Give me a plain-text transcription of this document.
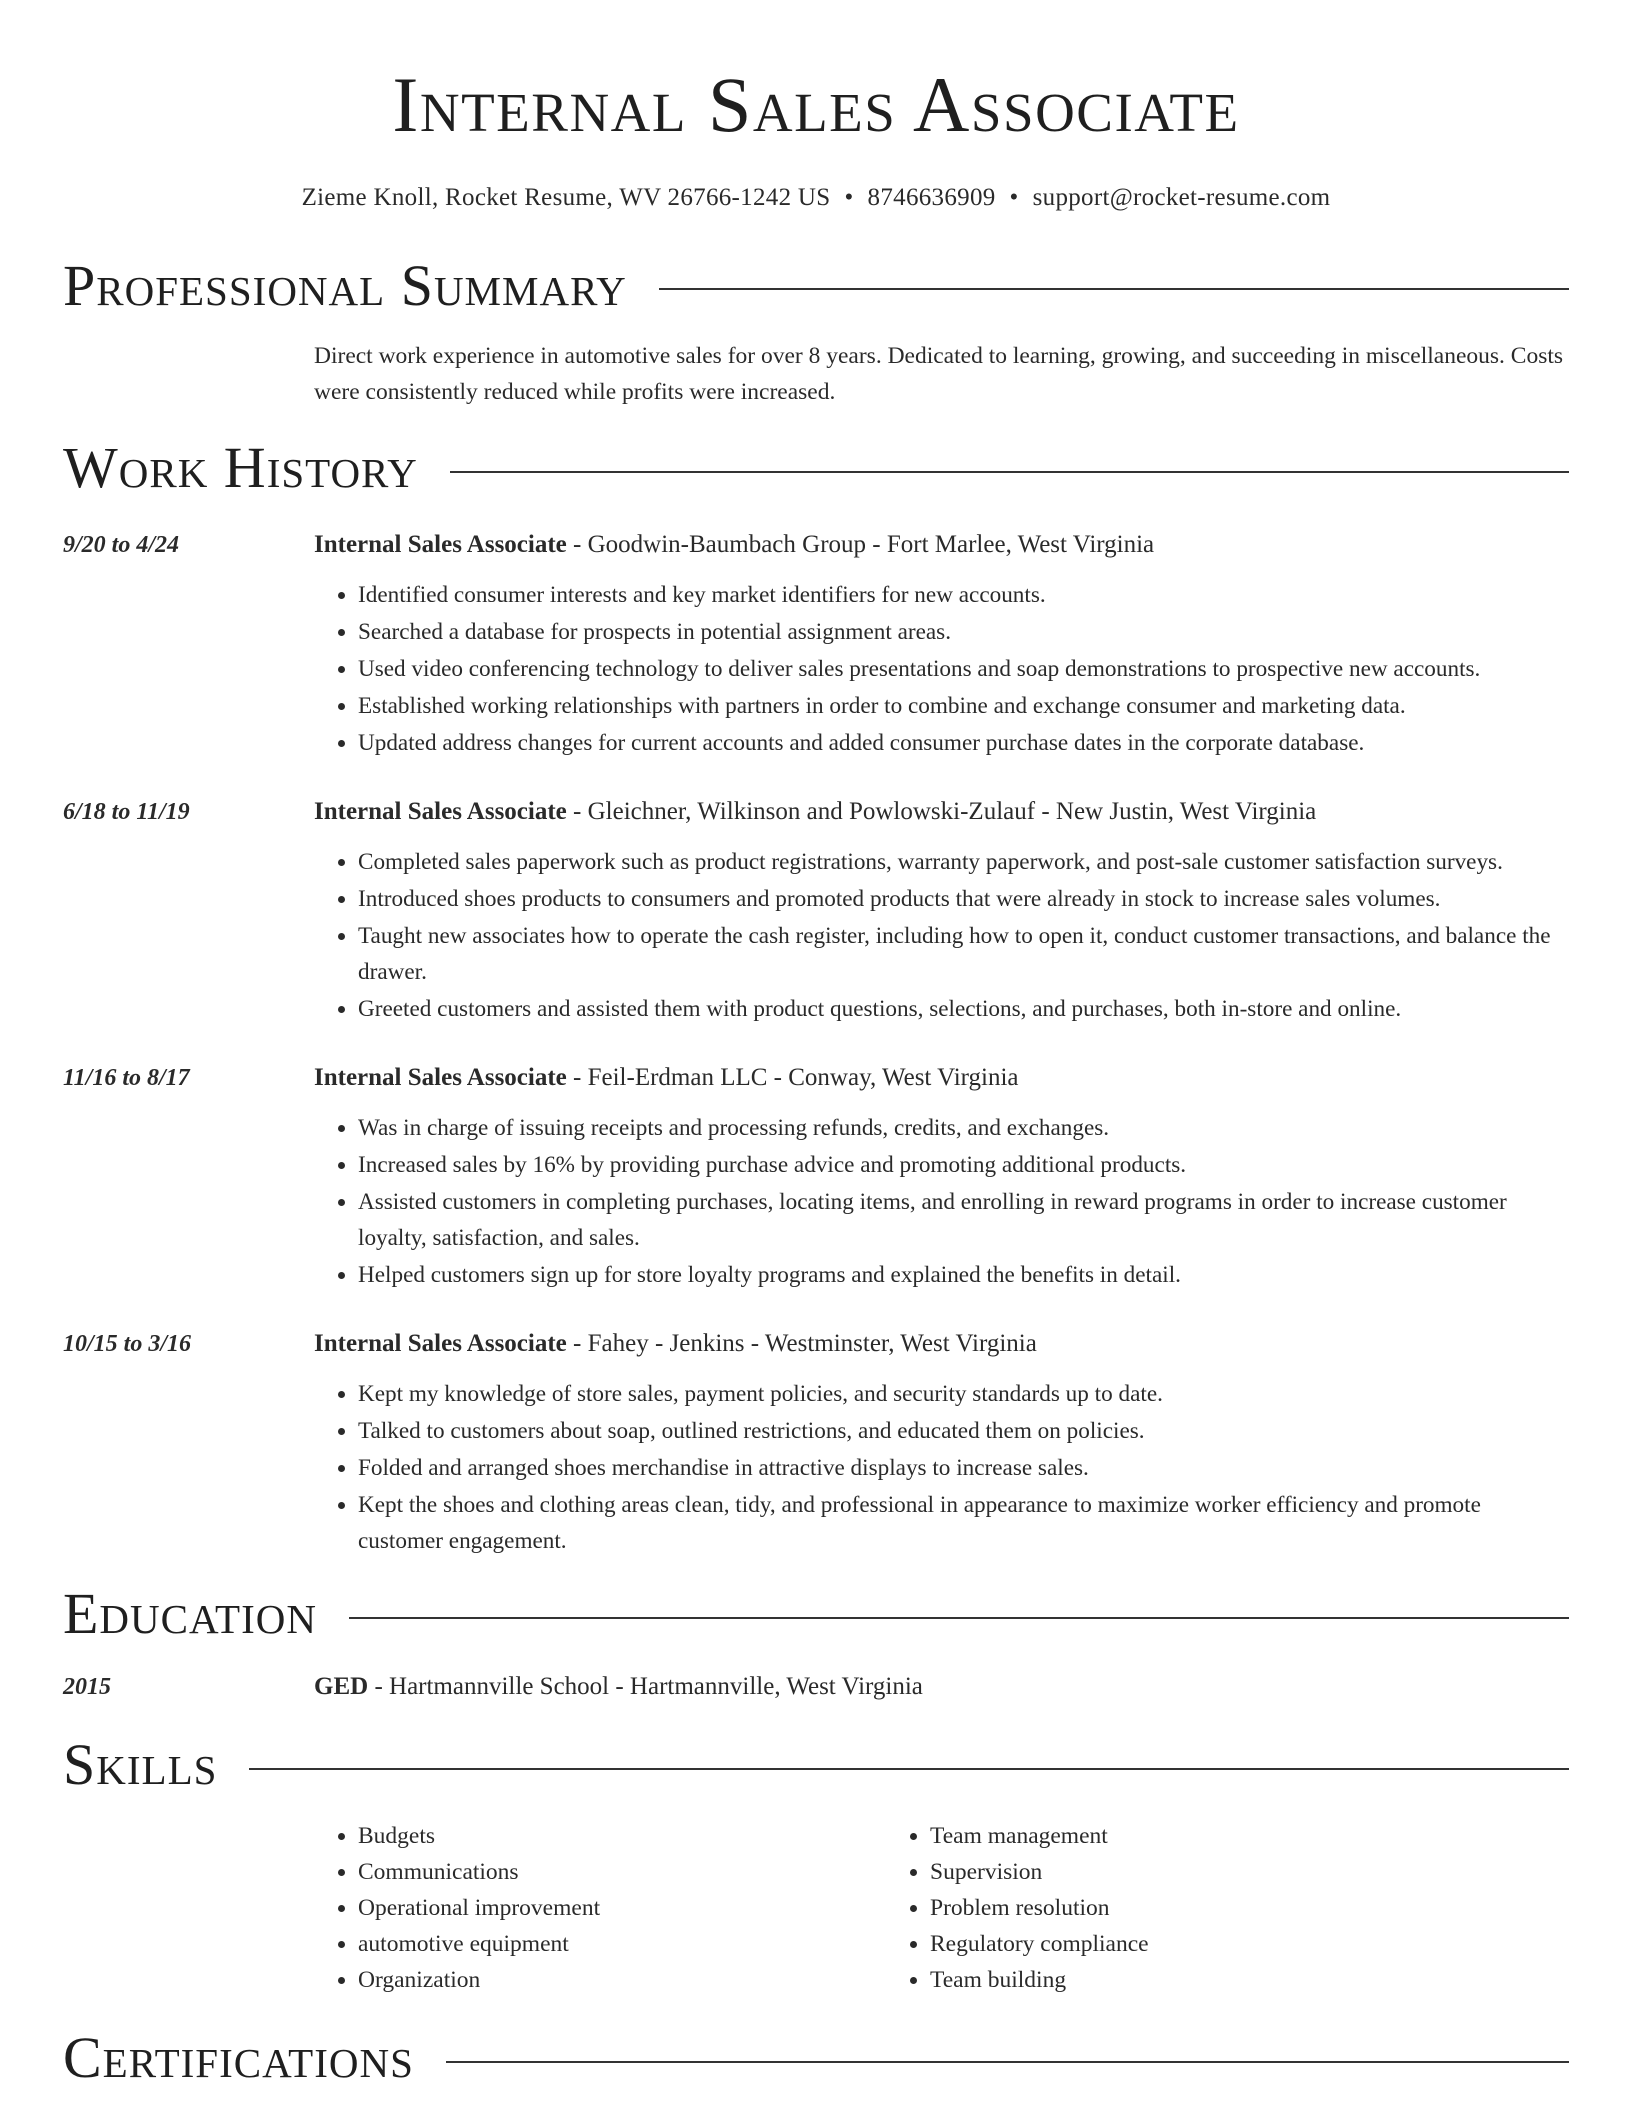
Internal Sales Associate
Zieme Knoll, Rocket Resume, WV 26766-1242 US • 8746636909 • support@rocket-resume.com
Professional Summary
Direct work experience in automotive sales for over 8 years. Dedicated to learning, growing, and succeeding in miscellaneous. Costs were consistently reduced while profits were increased.
Work History
9/20 to 4/24	Internal Sales Associate - Goodwin-Baumbach Group - Fort Marlee, West Virginia
• Identified consumer interests and key market identifiers for new accounts.
• Searched a database for prospects in potential assignment areas.
• Used video conferencing technology to deliver sales presentations and soap demonstrations to prospective new accounts.
• Established working relationships with partners in order to combine and exchange consumer and marketing data.
• Updated address changes for current accounts and added consumer purchase dates in the corporate database.
6/18 to 11/19	Internal Sales Associate - Gleichner, Wilkinson and Powlowski-Zulauf - New Justin, West Virginia
• Completed sales paperwork such as product registrations, warranty paperwork, and post-sale customer satisfaction surveys.
• Introduced shoes products to consumers and promoted products that were already in stock to increase sales volumes.
• Taught new associates how to operate the cash register, including how to open it, conduct customer transactions, and balance the drawer.
• Greeted customers and assisted them with product questions, selections, and purchases, both in-store and online.
11/16 to 8/17	Internal Sales Associate - Feil-Erdman LLC - Conway, West Virginia
• Was in charge of issuing receipts and processing refunds, credits, and exchanges.
• Increased sales by 16% by providing purchase advice and promoting additional products.
• Assisted customers in completing purchases, locating items, and enrolling in reward programs in order to increase customer loyalty, satisfaction, and sales.
• Helped customers sign up for store loyalty programs and explained the benefits in detail.
10/15 to 3/16	Internal Sales Associate - Fahey - Jenkins - Westminster, West Virginia
• Kept my knowledge of store sales, payment policies, and security standards up to date.
• Talked to customers about soap, outlined restrictions, and educated them on policies.
• Folded and arranged shoes merchandise in attractive displays to increase sales.
• Kept the shoes and clothing areas clean, tidy, and professional in appearance to maximize worker efficiency and promote customer engagement.
Education
2015	GED - Hartmannville School - Hartmannville, West Virginia
Skills
• Budgets
• Communications
• Operational improvement
• automotive equipment
• Organization
• Team management
• Supervision
• Problem resolution
• Regulatory compliance
• Team building
Certifications
